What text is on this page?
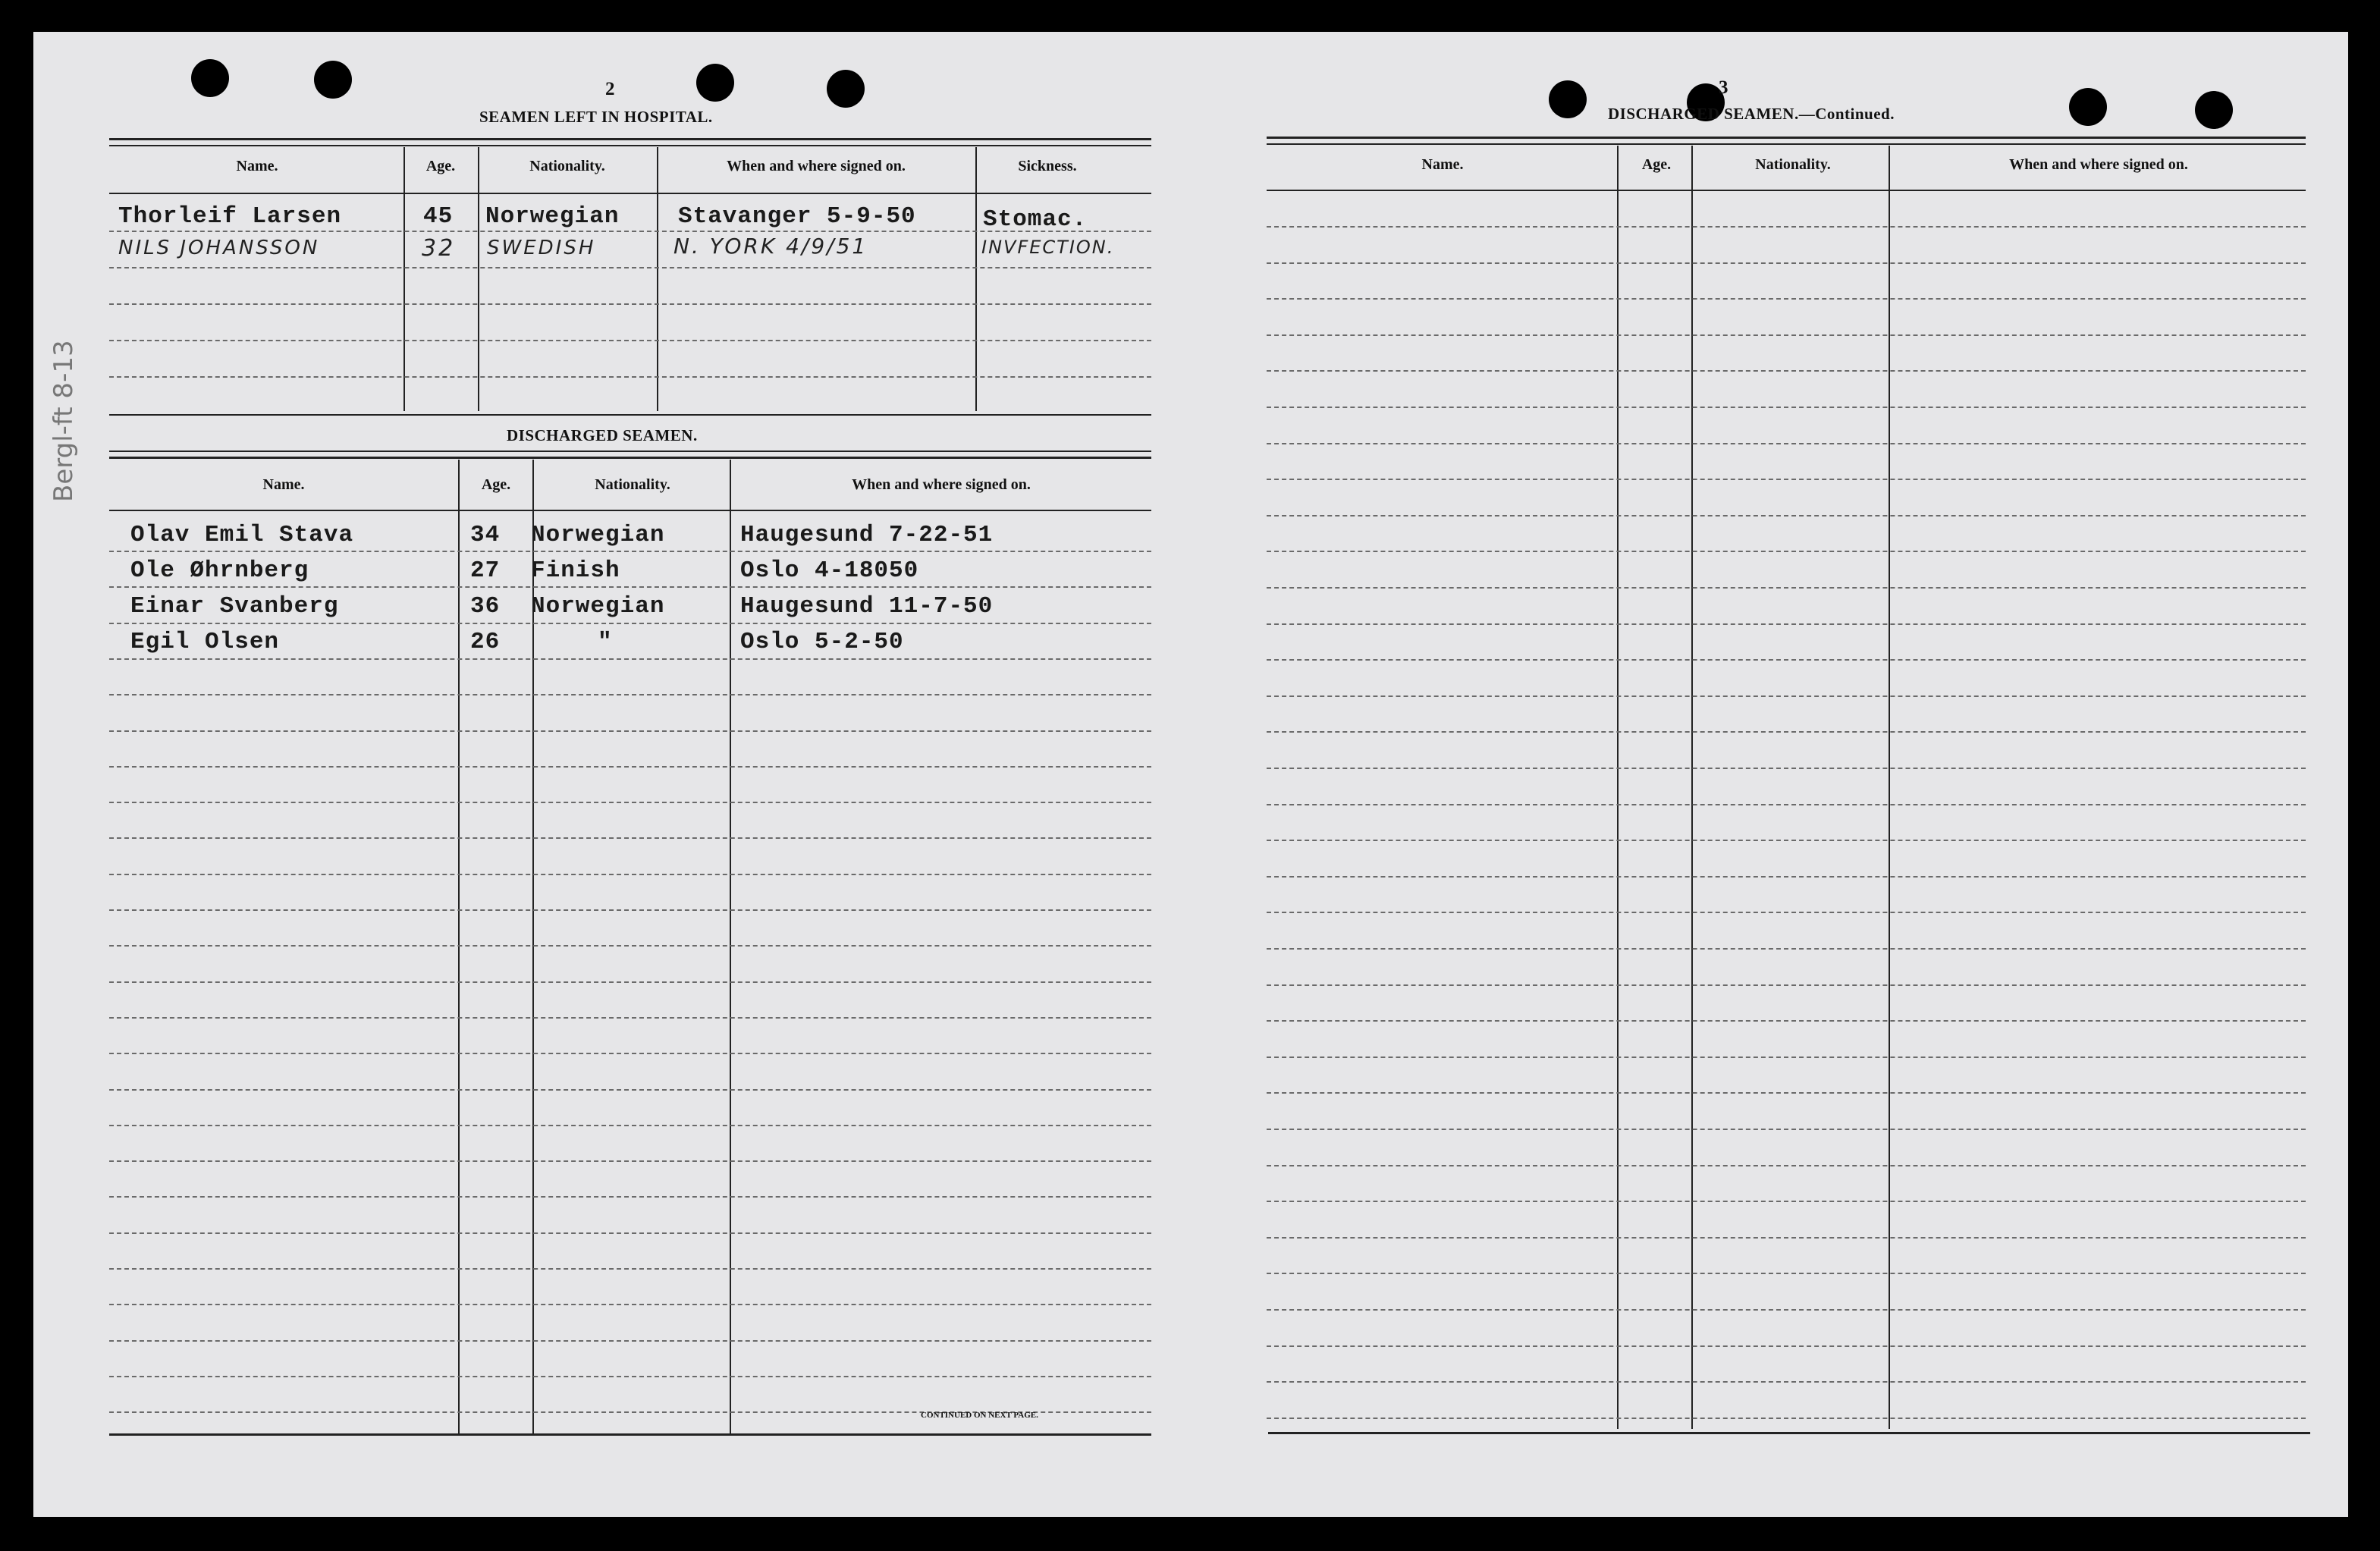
Bergl-ft 8-13
2
SEAMEN LEFT IN HOSPITAL.
Name.	Age.	Nationality.	When and where signed on.	Sickness.
Thorleif Larsen	45 Norwegian	Stavanger 5-9-50	Stomac.
NILS JOHANSSON	32 SWEDISH	N. YORK 4/9/51	INVFECTION.
DISCHARGED SEAMEN.
Name.	Age.	Nationality.	When and where signed on.
Olav Emil Stava	34 Norwegian	Haugesund 7-22-51
Ole Øhrnberg	27 Finish	Oslo 4-18050
Einar Svanberg	36 Norwegian	Haugesund 11-7-50
Egil Olsen	26	"	Oslo 5-2-50
CONTINUED ON NEXT PAGE.
3
DISCHARGED SEAMEN.—Continued.
Name.	Age.	Nationality.	When and where signed on.
